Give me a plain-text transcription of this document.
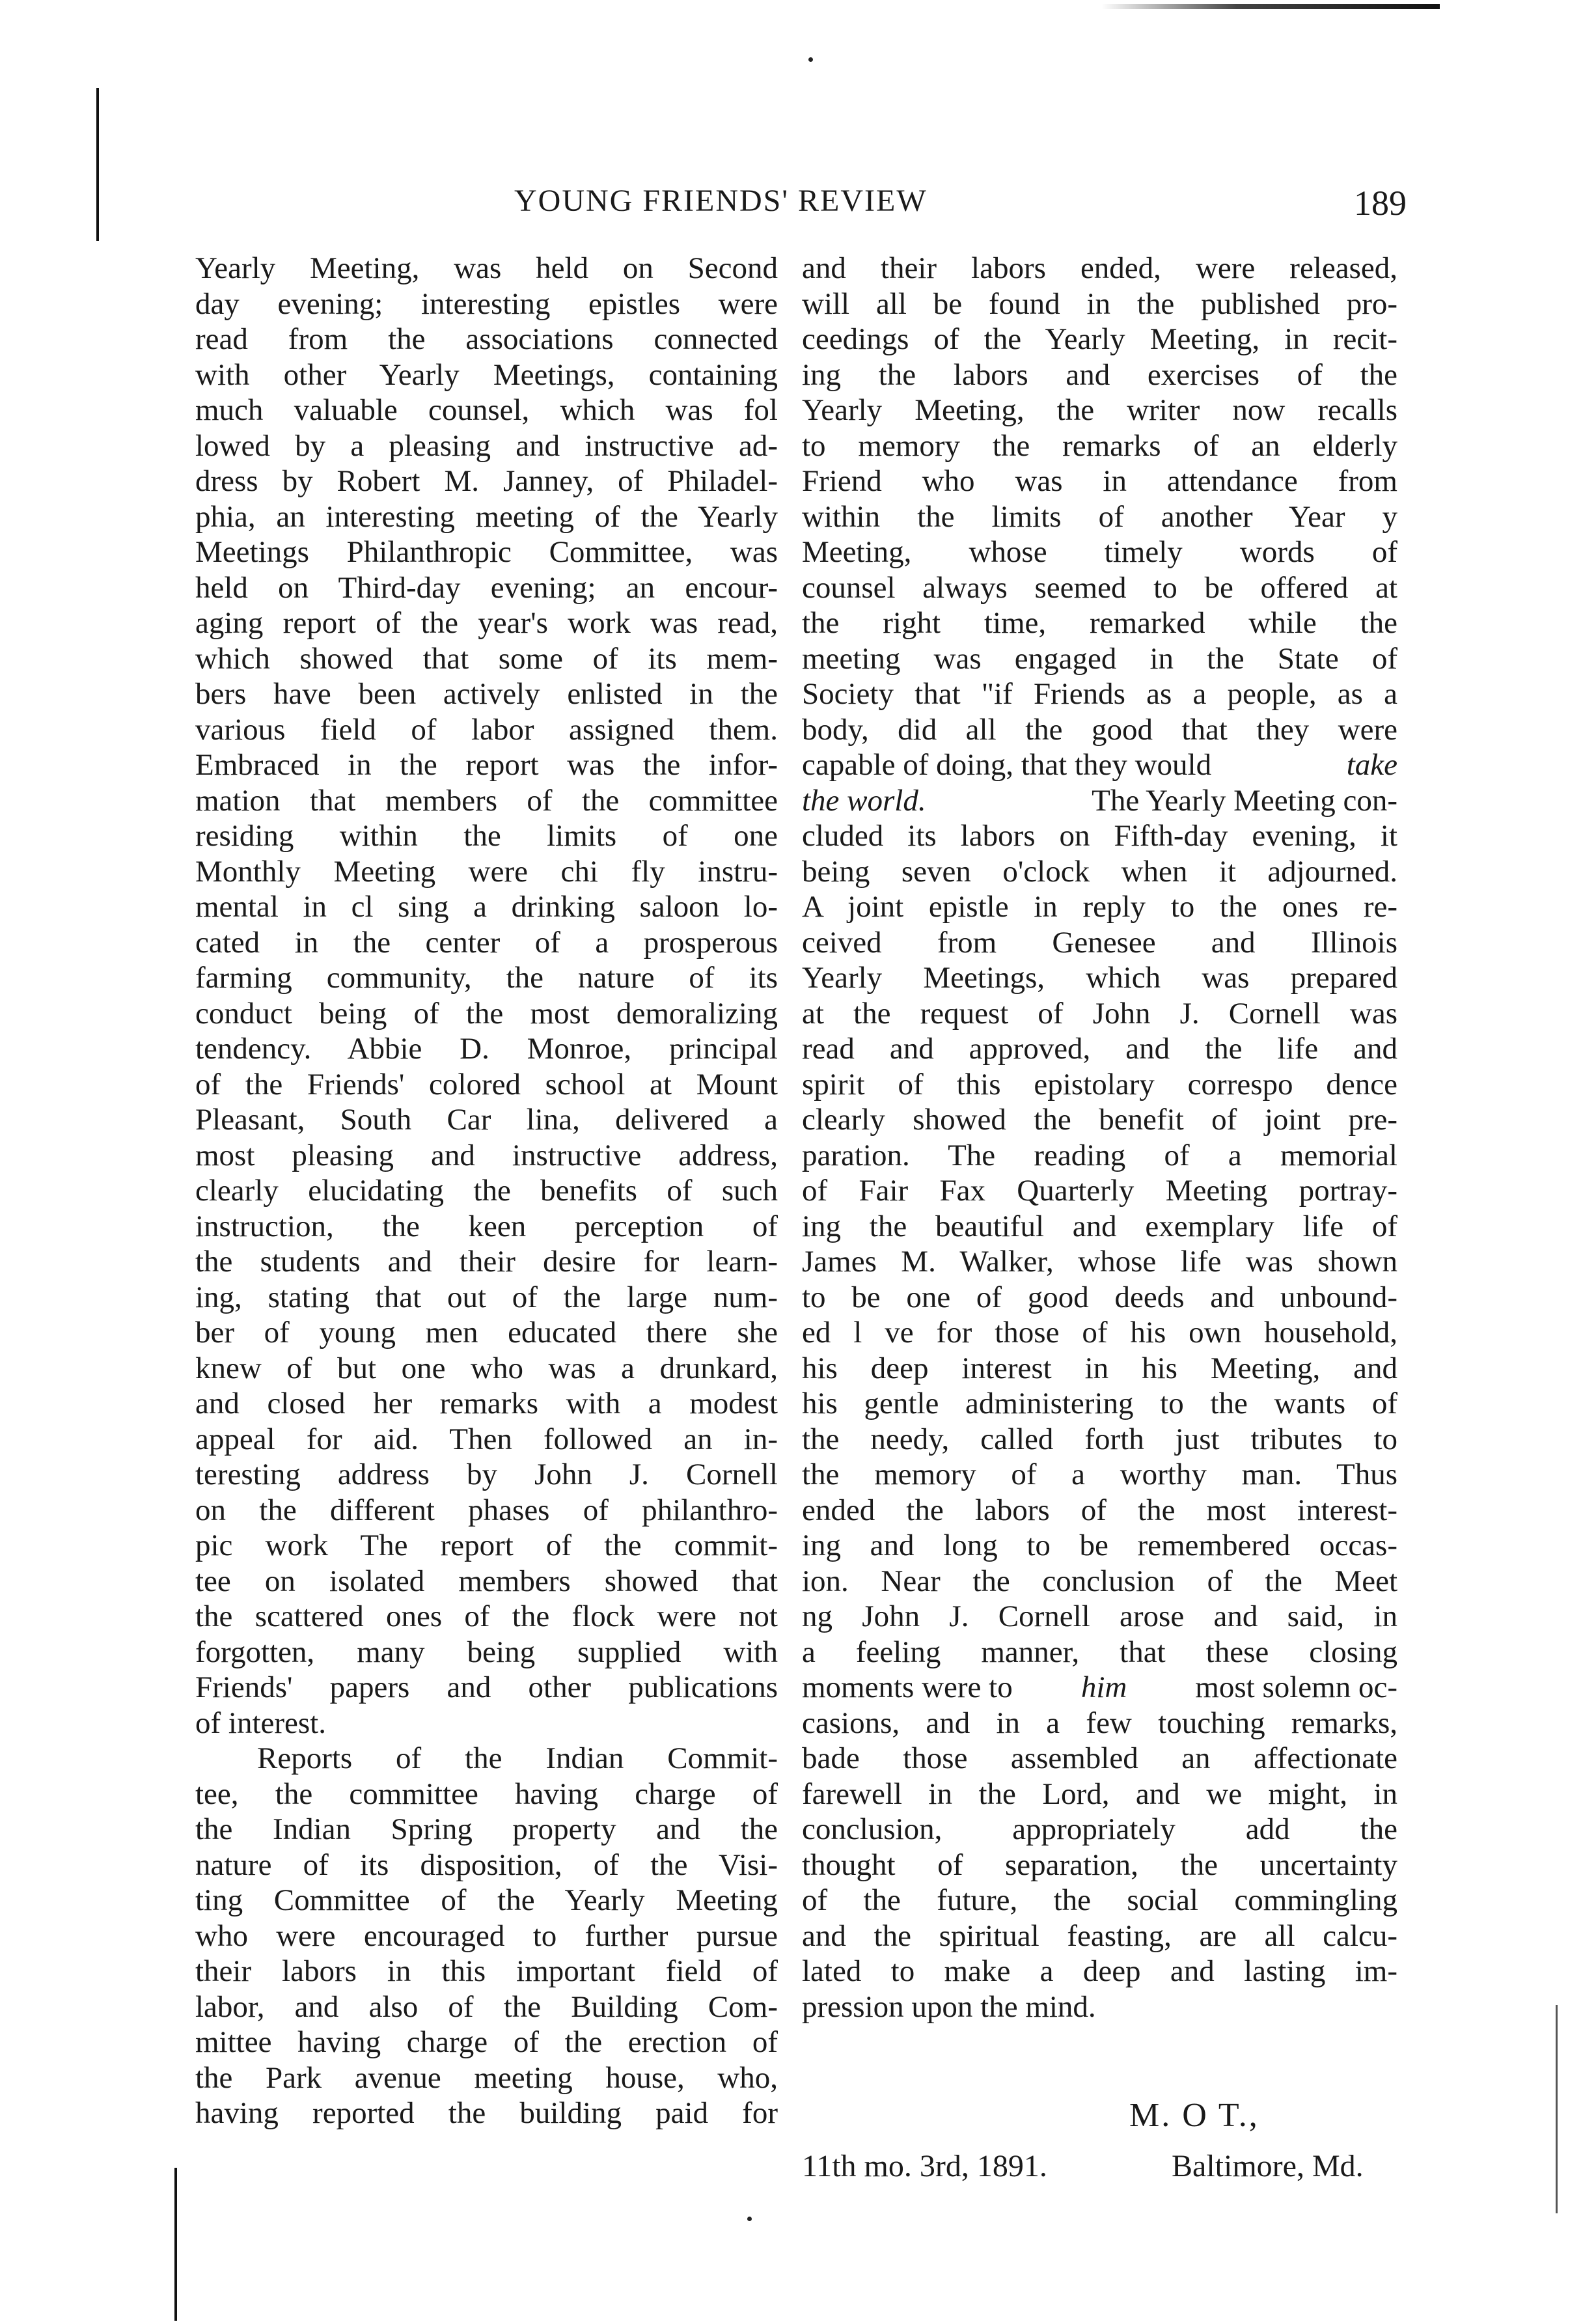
YOUNG FRIENDS' REVIEW	189
Yearly Meeting, was held on Second
day evening; interesting epistles were
read from the associations connected
with other Yearly Meetings, containing
much valuable counsel, which was fol
lowed by a pleasing and instructive ad-
dress by Robert M. Janney, of Philadel-
phia, an interesting meeting of the Yearly
Meetings Philanthropic Committee, was
held on Third-day evening; an encour-
aging report of the year's work was read,
which showed that some of its mem-
bers have been actively enlisted in the
various field of labor assigned them.
Embraced in the report was the infor-
mation that members of the committee
residing within the limits of one
Monthly Meeting were chi fly instru-
mental in cl sing a drinking saloon lo-
cated in the center of a prosperous
farming community, the nature of its
conduct being of the most demoralizing
tendency. Abbie D. Monroe, principal
of the Friends' colored school at Mount
Pleasant, South Car lina, delivered a
most pleasing and instructive address,
clearly elucidating the benefits of such
instruction, the keen perception of
the students and their desire for learn-
ing, stating that out of the large num-
ber of young men educated there she
knew of but one who was a drunkard,
and closed her remarks with a modest
appeal for aid. Then followed an in-
teresting address by John J. Cornell
on the different phases of philanthro-
pic work The report of the commit-
tee on isolated members showed that
the scattered ones of the flock were not
forgotten, many being supplied with
Friends' papers and other publications
of interest.
Reports of the Indian Commit-
tee, the committee having charge of
the Indian Spring property and the
nature of its disposition, of the Visi-
ting Committee of the Yearly Meeting
who were encouraged to further pursue
their labors in this important field of
labor, and also of the Building Com-
mittee having charge of the erection of
the Park avenue meeting house, who,
having reported the building paid for
and their labors ended, were released,
will all be found in the published pro-
ceedings of the Yearly Meeting, in recit-
ing the labors and exercises of the
Yearly Meeting, the writer now recalls
to memory the remarks of an elderly
Friend who was in attendance from
within the limits of another Year y
Meeting, whose timely words of
counsel always seemed to be offered at
the right time, remarked while the
meeting was engaged in the State of
Society that "if Friends as a people, as a
body, did all the good that they were
capable of doing, that they would	take
the world.	The Yearly Meeting con-
cluded its labors on Fifth-day evening, it
being seven o'clock when it adjourned.
A joint epistle in reply to the ones re-
ceived from Genesee and Illinois
Yearly Meetings, which was prepared
at the request of John J. Cornell was
read and approved, and the life and
spirit of this epistolary correspo dence
clearly showed the benefit of joint pre-
paration. The reading of a memorial
of Fair Fax Quarterly Meeting portray-
ing the beautiful and exemplary life of
James M. Walker, whose life was shown
to be one of good deeds and unbound-
ed l ve for those of his own household,
his deep interest in his Meeting, and
his gentle administering to the wants of
the needy, called forth just tributes to
the memory of a worthy man. Thus
ended the labors of the most interest-
ing and long to be remembered occas-
ion. Near the conclusion of the Meet
ng John J. Cornell arose and said, in
a feeling manner, that these closing
moments were to him most solemn oc-
casions, and in a few touching remarks,
bade those assembled an affectionate
farewell in the Lord, and we might, in
conclusion, appropriately add the
thought of separation, the uncertainty
of the future, the social commingling
and the spiritual feasting, are all calcu-
lated to make a deep and lasting im-
pression upon the mind.
M. O T.,
11th mo. 3rd, 1891.	Baltimore, Md.
